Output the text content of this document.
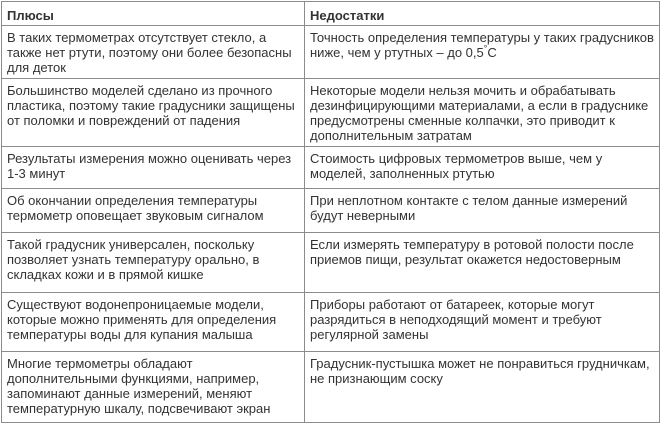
Плюсы	Недостатки

В таких термометрах отсутствует стекло, а
также нет ртути, поэтому они более безопасны
для деток	Точность определения температуры у таких градусников
ниже, чем у ртутных – до 0,5°С

Большинство моделей сделано из прочного
пластика, поэтому такие градусники защищены
от поломки и повреждений от падения	Некоторые модели нельзя мочить и обрабатывать
дезинфицирующими материалами, а если в градуснике
предусмотрены сменные колпачки, это приводит к
дополнительным затратам

Результаты измерения можно оценивать через
1-3 минут	Стоимость цифровых термометров выше, чем у
моделей, заполненных ртутью

Об окончании определения температуры
термометр оповещает звуковым сигналом	При неплотном контакте с телом данные измерений
будут неверными

Такой градусник универсален, поскольку
позволяет узнать температуру орально, в
складках кожи и в прямой кишке	Если измерять температуру в ротовой полости после
приемов пищи, результат окажется недостоверным

Существуют водонепроницаемые модели,
которые можно применять для определения
температуры воды для купания малыша	Приборы работают от батареек, которые могут
разрядиться в неподходящий момент и требуют
регулярной замены

Многие термометры обладают
дополнительными функциями, например,
запоминают данные измерений, меняют
температурную шкалу, подсвечивают экран	Градусник-пустышка может не понравиться грудничкам,
не признающим соску
